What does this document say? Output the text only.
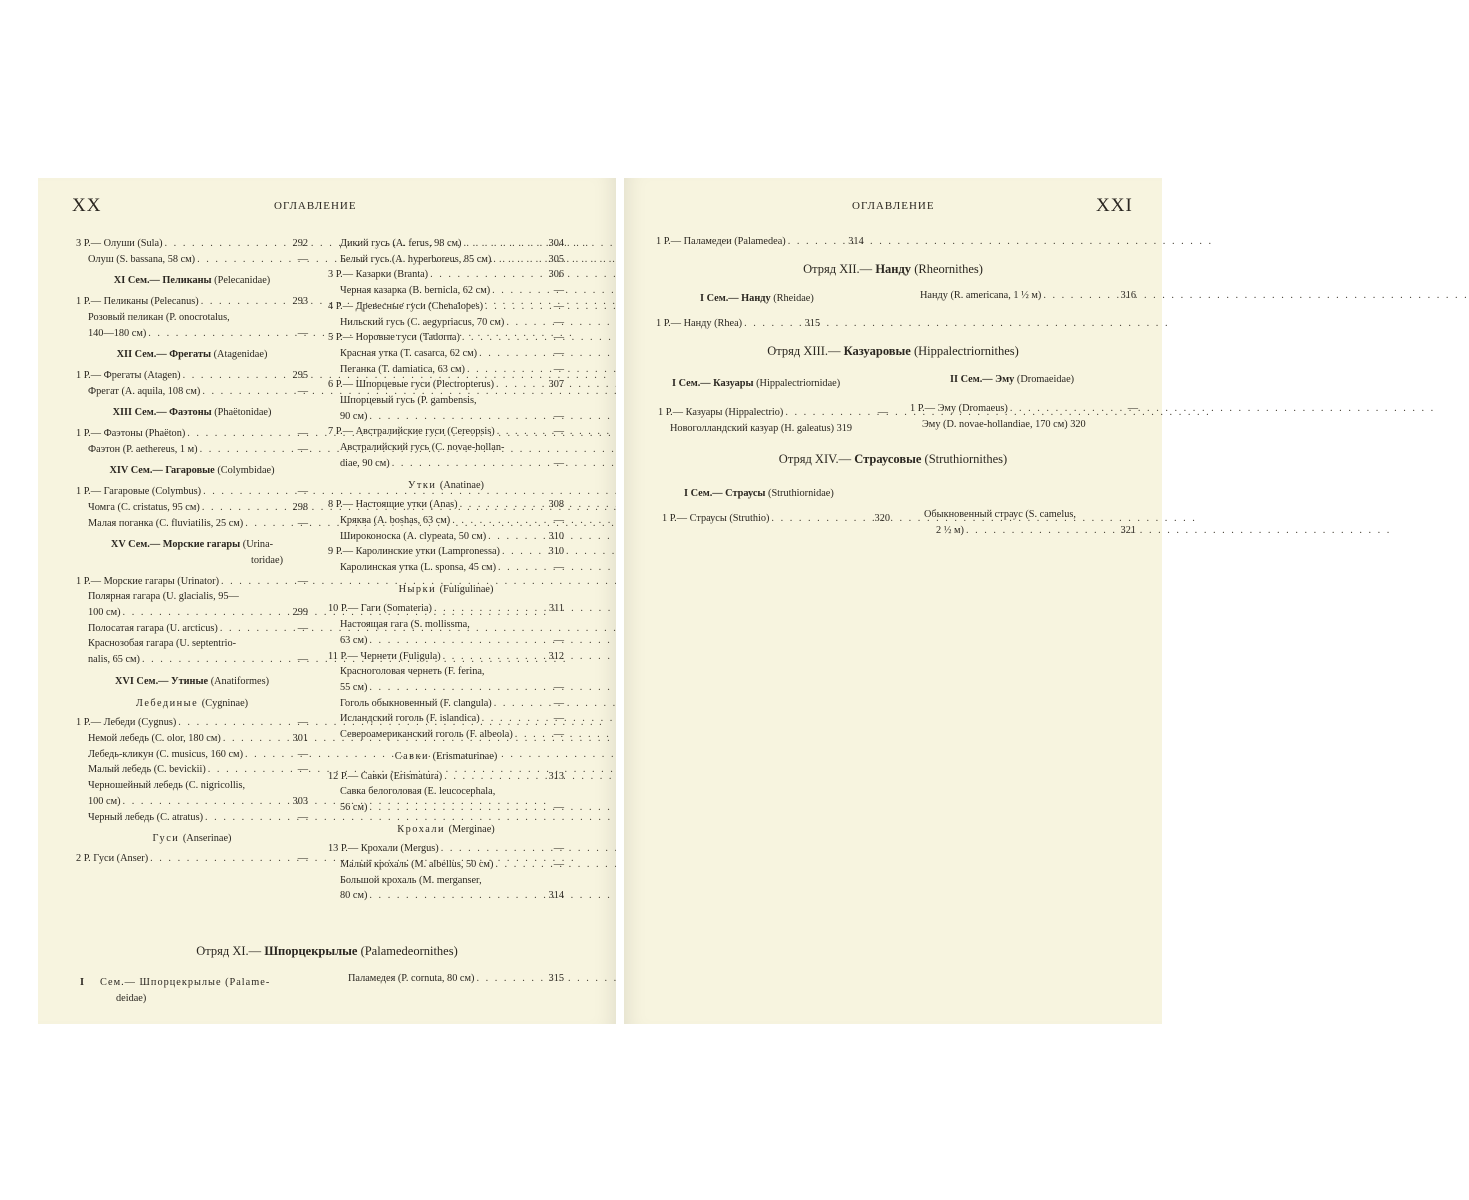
XX	ОГЛАВЛЕНИЕ
3 Р.— Олуши (Sula) . . .	292
Олуш (S. bassana, 58 см) . . .	—
XI Сем.— Пеликаны (Pelecanidae)
1 Р.— Пеликаны (Pelecanus) . . .	293
Розовый пеликан (P. onocrotalus,
140—180 см) . . .	—
XII Сем.— Фрегаты (Atagenidae)
1 Р.— Фрегаты (Atagen) . . .	295
Фрегат (A. aquila, 108 см) . . .	—
XIII Сем.— Фаэтоны (Phaëtonidae)
1 Р.— Фаэтоны (Phaëton) . . .	—
Фаэтон (P. aethereus, 1 м) . . .	—
XIV Сем.— Гагаровые (Colymbidae)
1 Р.— Гагаровые (Colymbus) . . .	—
Чомга (C. cristatus, 95 см) . . .	298
Малая поганка (C. fluviatilis, 25 см) . . .	—
XV Сем.— Морские гагары (Urina-
toridae)
1 Р.— Морские гагары (Urinator) . . .	—
Полярная гагара (U. glacialis, 95—
100 см) . . .	299
Полосатая гагара (U. arcticus) . . .	—
Краснозобая гагара (U. septentrio-
nalis, 65 см) . . .	—
XVI Сем.— Утиные (Anatiformes)
Лебединые (Cygninae)
1 Р.— Лебеди (Cygnus) . . .	—
Немой лебедь (C. olor, 180 см) . . .	301
Лебедь-кликун (C. musicus, 160 см) . . .	—
Малый лебедь (C. bevickii) . . .	—
Черношейный лебедь (C. nigricollis,
100 см) . . .	303
Черный лебедь (C. atratus) . . .	—
Гуси (Anserinae)
2 Р. Гуси (Anser) . . .	—
Дикий гусь (A. ferus, 98 см) . . .	304
Белый гусь (A. hyperboreus, 85 см) . . .	305
3 Р.— Казарки (Branta) . . .	306
Черная казарка (B. bernicla, 62 см) . . .	—
4 Р.— Древесные гуси (Chenalopes) . . .	—
Нильский гусь (C. aegypriacus, 70 см) . . .	—
5 Р.— Норовые гуси (Tadorna) . . .	—
Красная утка (T. casarca, 62 см) . . .	—
Пеганка (T. damiatica, 63 см) . . .	—
6 Р.— Шпорцевые гуси (Plectropterus) . . .	307
Шпорцевый гусь (P. gambensis,
90 см) . . .	—
7 Р.— Австралийские гуси (Cereopsis) . . .	—
Австралийский гусь (C. novae-hollan-
diae, 90 см) . . .	—
Утки (Anatinae)
8 Р.— Настоящие утки (Anas) . . .	308
Кряква (A. boshas, 63 см) . . .	—
Широконоска (A. clypeata, 50 см) . . .	310
9 Р.— Каролинские утки (Lampronessa) . . .	310
Каролинская утка (L. sponsa, 45 см) . . .	—
Нырки (Fuligulinae)
10 Р.— Гаги (Somateria) . . .	311
Настоящая гага (S. mollissma,
63 см) . . .	—
11 Р.— Чернети (Fuligula) . . .	312
Красноголовая чернеть (F. ferina,
55 см) . . .	—
Гоголь обыкновенный (F. clangula) . . .	—
Исландский гоголь (F. islandica) . . .	—
Североамериканский гоголь (F. albeola) . . .	—
Савки (Erismaturinae)
12 Р.— Савки (Erismatura) . . .	313
Савка белоголовая (E. leucocephala,
56 см) . . .	—
Крохали (Merginae)
13 Р.— Крохали (Mergus) . . .	—
Малый крохаль (M. albellus, 50 см) . . .	—
Большой крохаль (M. merganser,
80 см) . . .	314
Отряд XI.— Шпорцекрылые (Palamedeornithes)
I Сем.— Шпорцекрылые (Palame-
deidae)
Паламедея (P. cornuta, 80 см) . . .	315
ОГЛАВЛЕНИЕ	XXI
1 Р.— Паламедеи (Palamedea) . . .	314
Отряд XII.— Нанду (Rheornithes)
I Сем.— Нанду (Rheidae)	Нанду (R. americana, 1 ½ м) . . .	316
1 Р.— Нанду (Rhea) . . .	315
Отряд XIII.— Казуаровые (Hippalectriornithes)
I Сем.— Казуары (Hippalectriornidae)	II Сем.— Эму (Dromaeidae)
1 Р.— Казуары (Hippalectrio) . . .	—
Новоголландский казуар (H. galeatus) 319
1 Р.— Эму (Dromaeus) . . .	—
Эму (D. novae-hollandiae, 170 см) 320
Отряд XIV.— Страусовые (Struthiornithes)
I Сем.— Страусы (Struthiornidae)
1 Р.— Страусы (Struthio) . . .	320	Обыкновенный страус (S. camelus,
2 ½ м) . . .	321
